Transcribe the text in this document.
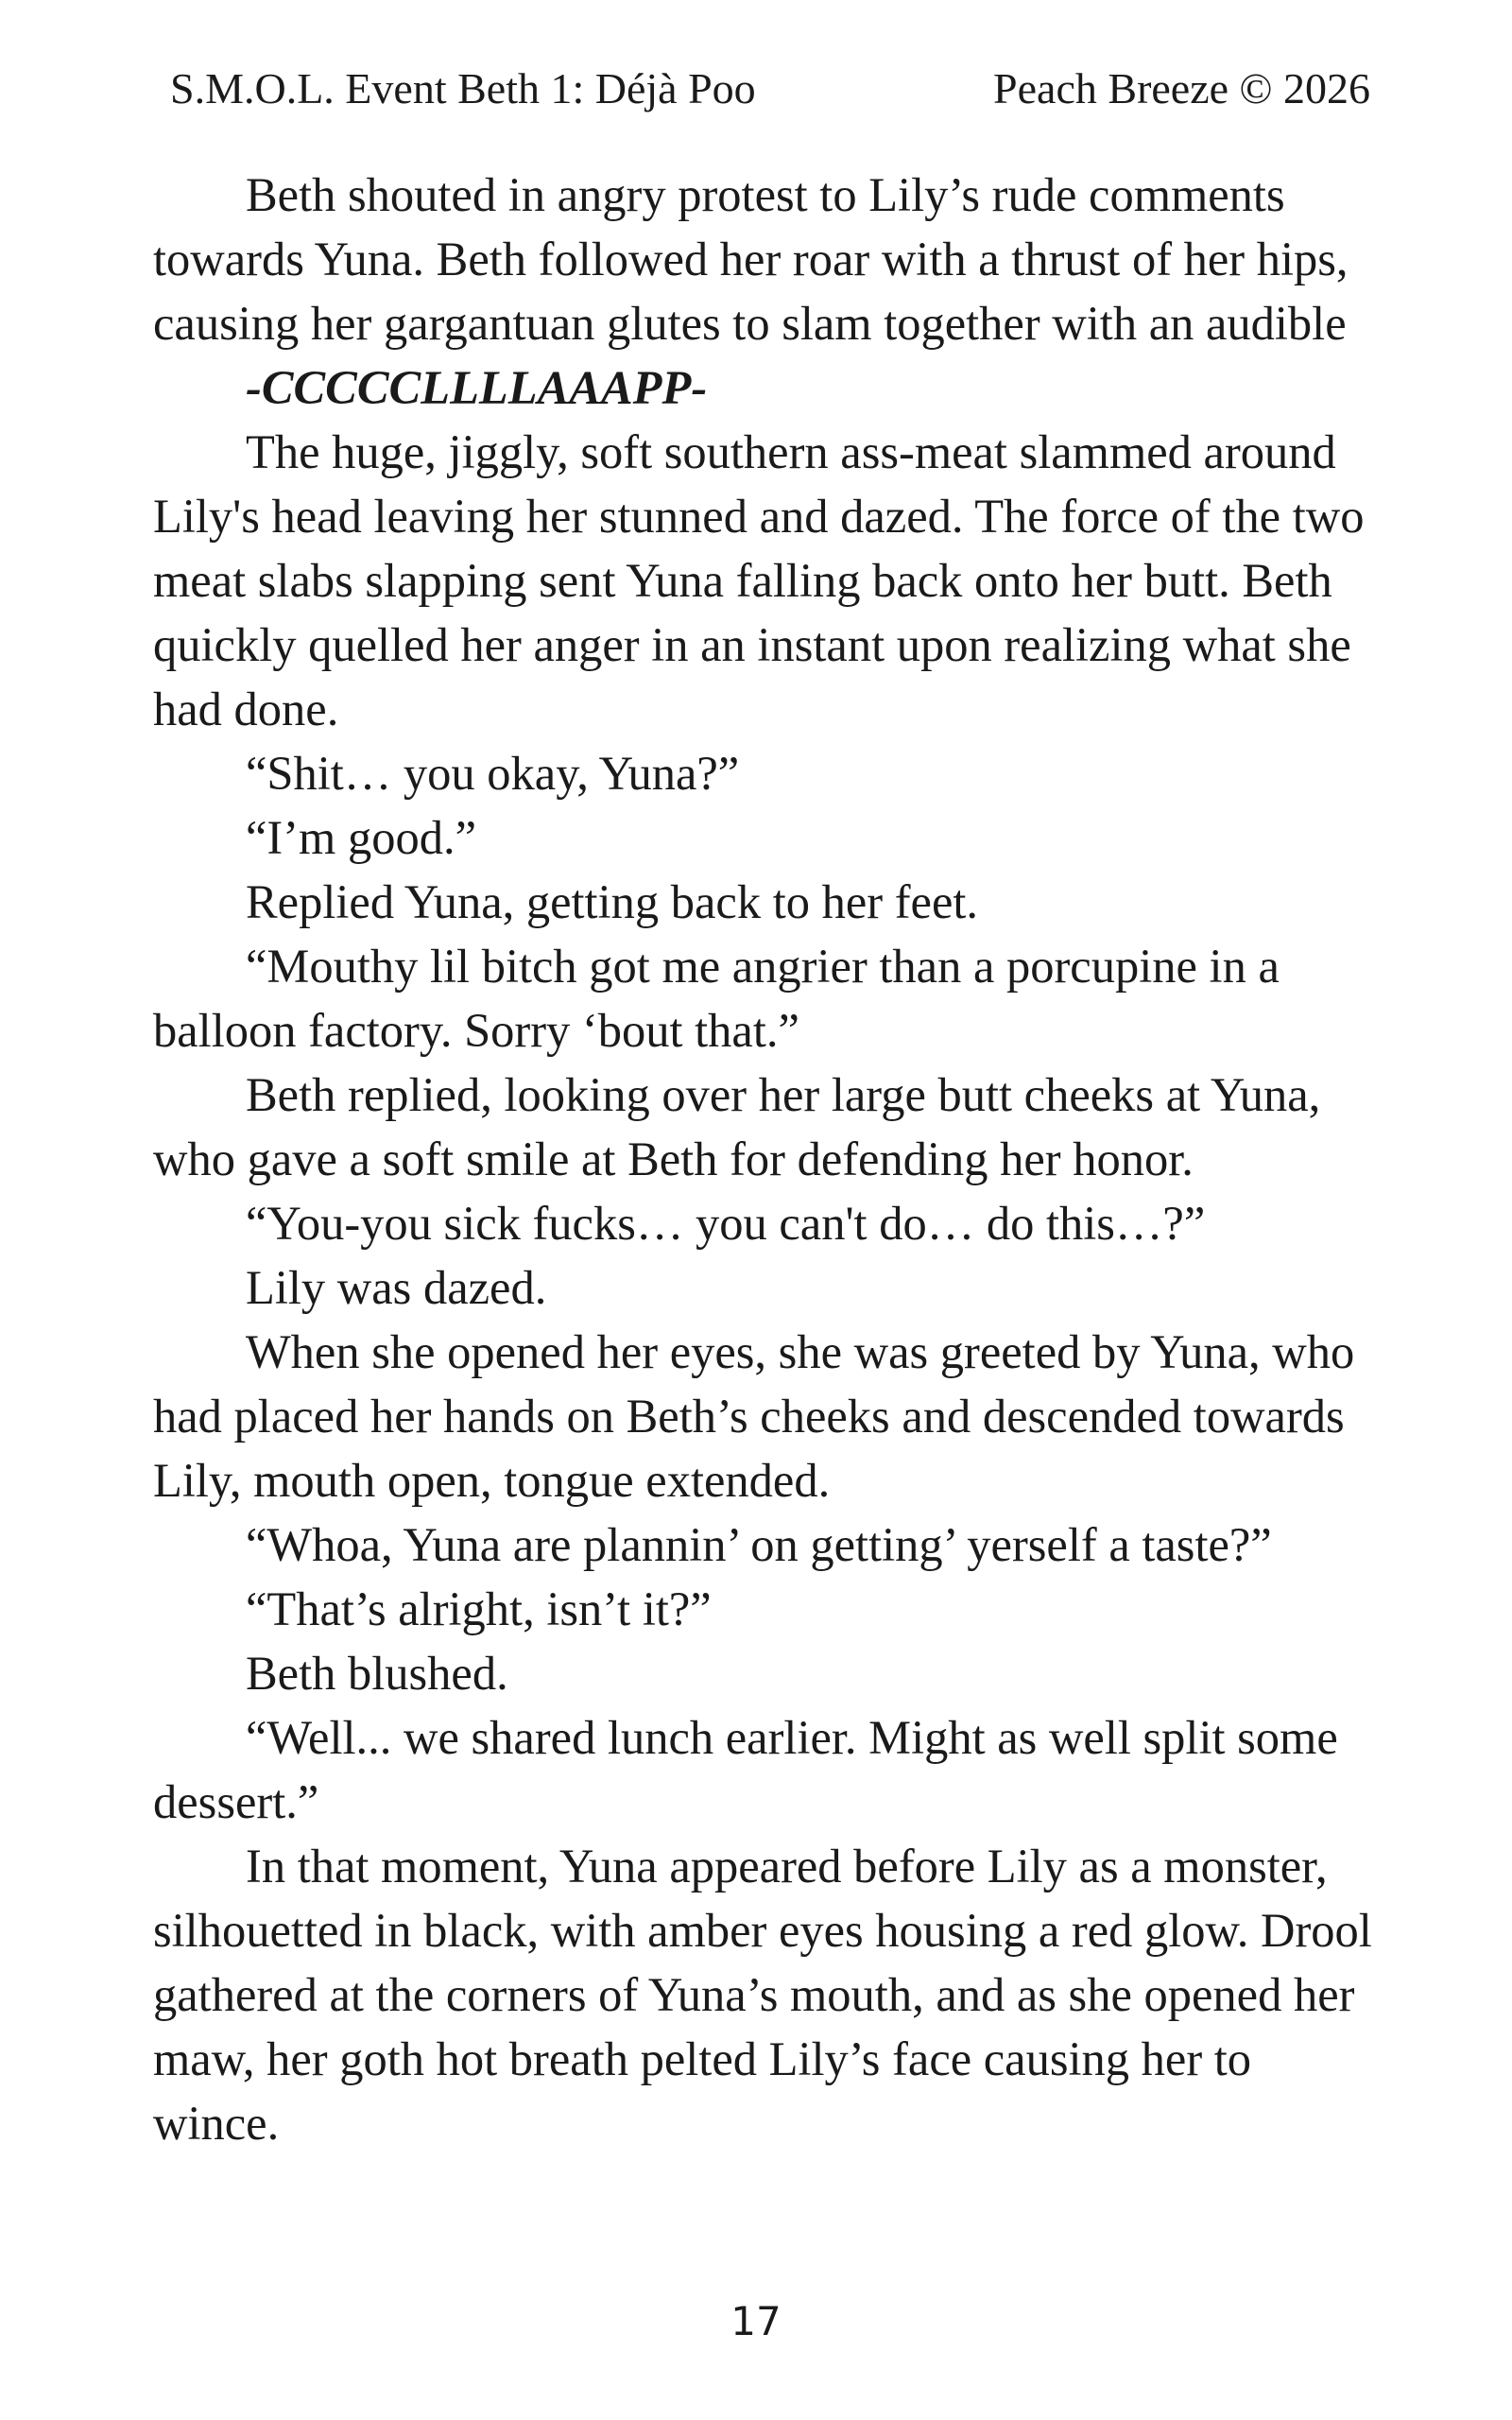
S.M.O.L. Event Beth 1: Déjà Poo	Peach Breeze © 2026

Beth shouted in angry protest to Lily’s rude comments towards Yuna. Beth followed her roar with a thrust of her hips, causing her gargantuan glutes to slam together with an audible

-CCCCCLLLLAAAPP-

The huge, jiggly, soft southern ass-meat slammed around Lily's head leaving her stunned and dazed. The force of the two meat slabs slapping sent Yuna falling back onto her butt. Beth quickly quelled her anger in an instant upon realizing what she had done.

“Shit… you okay, Yuna?”

“I’m good.”

Replied Yuna, getting back to her feet.

“Mouthy lil bitch got me angrier than a porcupine in a balloon factory. Sorry ‘bout that.”

Beth replied, looking over her large butt cheeks at Yuna, who gave a soft smile at Beth for defending her honor.

“You-you sick fucks… you can't do… do this…?”

Lily was dazed.

When she opened her eyes, she was greeted by Yuna, who had placed her hands on Beth’s cheeks and descended towards Lily, mouth open, tongue extended.

“Whoa, Yuna are plannin’ on getting’ yerself a taste?”

“That’s alright, isn’t it?”

Beth blushed.

“Well... we shared lunch earlier. Might as well split some dessert.”

In that moment, Yuna appeared before Lily as a monster, silhouetted in black, with amber eyes housing a red glow. Drool gathered at the corners of Yuna’s mouth, and as she opened her maw, her goth hot breath pelted Lily’s face causing her to wince.

17
